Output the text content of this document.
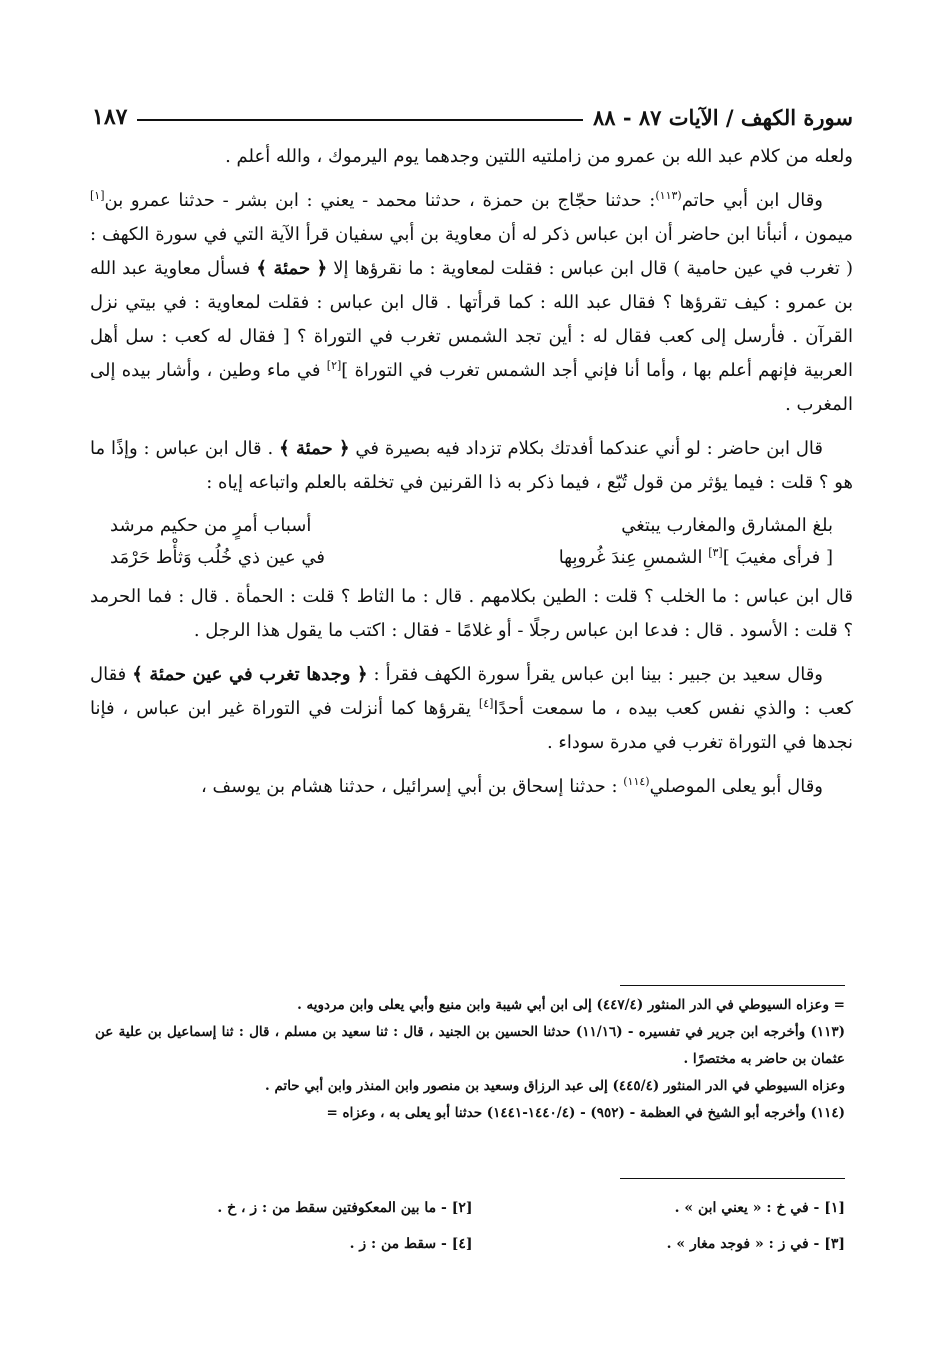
سورة الكهف / الآيات ٨٧ - ٨٨
١٨٧

ولعله من كلام عبد الله بن عمرو من زاملتيه اللتين وجدهما يوم اليرموك ، والله أعلم .

وقال ابن أبي حاتم$^{(١١٣)}$: حدثنا حجّاج بن حمزة ، حدثنا محمد - يعني : ابن بشر - حدثنا عمرو بن[١] ميمون ، أنبأنا ابن حاضر أن ابن عباس ذكر له أن معاوية بن أبي سفيان قرأ الآية التي في سورة الكهف : ( تغرب في عين حامية ) قال ابن عباس : فقلت لمعاوية : ما نقرؤها إلا ﴿ حمئة ﴾ فسأل معاوية عبد الله بن عمرو : كيف تقرؤها ؟ فقال عبد الله : كما قرأتها . قال ابن عباس : فقلت لمعاوية : في بيتي نزل القرآن . فأرسل إلى كعب فقال له : أين تجد الشمس تغرب في التوراة ؟ [ فقال له كعب : سل أهل العربية فإنهم أعلم بها ، وأما أنا فإني أجد الشمس تغرب في التوراة ][٢] في ماء وطين ، وأشار بيده إلى المغرب .

قال ابن حاضر : لو أني عندكما أفدتك بكلام تزداد فيه بصيرة في ﴿ حمئة ﴾ . قال ابن عباس : وإذًا ما هو ؟ قلت : فيما يؤثر من قول تُبّع ، فيما ذكر به ذا القرنين في تخلقه بالعلم واتباعه إياه :

بلغ المشارق والمغارب يبتغي
أسباب أمرٍ من حكيم مرشد
[ فرأى مغيبَ ][٣] الشمسِ عِندَ غُروبِها
في عين ذي خُلُب وَثأْط حَرْمَد

قال ابن عباس : ما الخلب ؟ قلت : الطين بكلامهم . قال : ما الثاط ؟ قلت : الحمأة . قال : فما الحرمد ؟ قلت : الأسود . قال : فدعا ابن عباس رجلًا - أو غلامًا - فقال : اكتب ما يقول هذا الرجل .

وقال سعيد بن جبير : بينا ابن عباس يقرأ سورة الكهف فقرأ : ﴿ وجدها تغرب في عين حمئة ﴾ فقال كعب : والذي نفس كعب بيده ، ما سمعت أحدًا[٤] يقرؤها كما أنزلت في التوراة غير ابن عباس ، فإنا نجدها في التوراة تغرب في مدرة سوداء .

وقال أبو يعلى الموصلي$^{(١١٤)}$ : حدثنا إسحاق بن أبي إسرائيل ، حدثنا هشام بن يوسف ،

= وعزاه السيوطي في الدر المنثور (٤٤٧/٤) إلى ابن أبي شيبة وابن منيع وأبي يعلى وابن مردويه .

(١١٣) وأخرجه ابن جرير في تفسيره - (١١/١٦) حدثنا الحسين بن الجنيد ، قال : ثنا سعيد بن مسلم ، قال : ثنا إسماعيل بن علية عن عثمان بن حاضر به مختصرًا .

وعزاه السيوطي في الدر المنثور (٤٤٥/٤) إلى عبد الرزاق وسعيد بن منصور وابن المنذر وابن أبي حاتم .

(١١٤) وأخرجه أبو الشيخ في العظمة - (٩٥٢) - (١٤٤٠/٤-١٤٤١) حدثنا أبو يعلى به ، وعزاه =

[١] - في خ : « يعني ابن » .
[٢] - ما بين المعكوفتين سقط من : ز ، خ .
[٣] - في ز : « فوجد مغار » .
[٤] - سقط من : ز .
